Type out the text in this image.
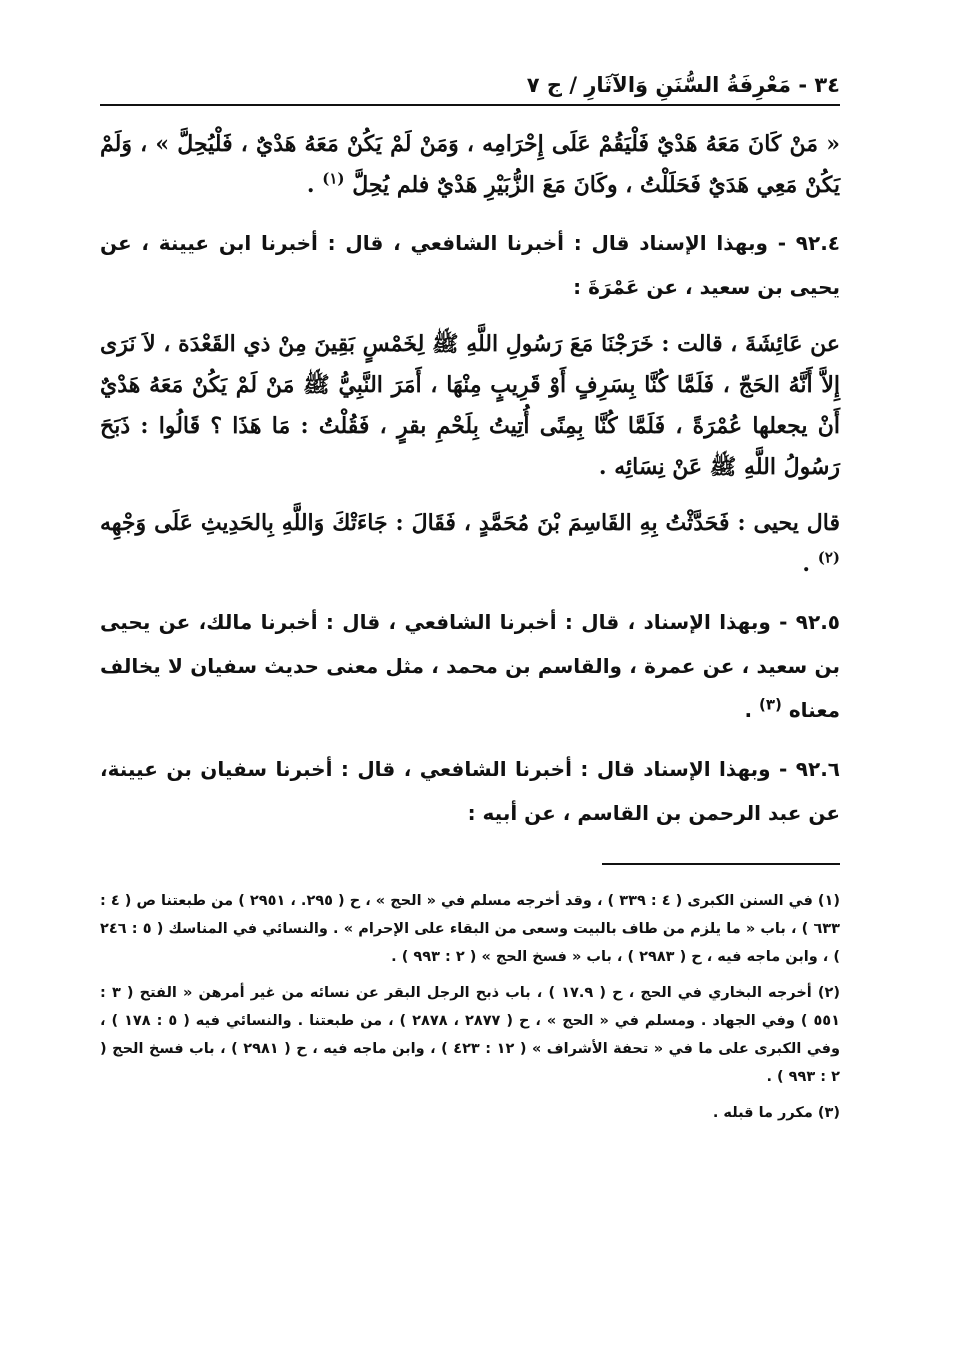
٣٤ - مَعْرِفَةُ السُّنَنِ وَالآثَارِ / ج ٧

« مَنْ كَانَ مَعَهُ هَدْيٌ فَلْيَقُمْ عَلَى إِحْرَامِه ، وَمَنْ لَمْ يَكُنْ مَعَهُ هَدْيٌ ، فَلْيُحِلَّ » ، وَلَمْ يَكُنْ مَعِي هَدَيٌ فَحَلَلْتُ ، وكَانَ مَعَ الزُّبَيْرِ هَدْيٌ فلم يُحِلَّ $^{(١)}$ .

٩٢.٤ - وبهذا الإسناد قال : أخبرنا الشافعي ، قال : أخبرنا ابن عيينة ، عن يحيى بن سعيد ، عن عَمْرَةَ :

عن عَائِشَةَ ، قالت : خَرَجْنَا مَعَ رَسُولِ اللَّهِ ﷺ لِخَمْسٍ بَقِينَ مِنْ ذي القَعْدَة ، لاَ نَرَى إِلاَّ أَنَّهُ الحَجّ ، فَلَمَّا كُنَّا بِسَرِفٍ أَوْ قَرِيبٍ مِنْهَا ، أَمَرَ النَّبِيُّ ﷺ مَنْ لَمْ يَكُنْ مَعَهُ هَدْيٌ أَنْ يجعلها عُمْرَةً ، فَلَمَّا كُنَّا بِمِنًى أُتِيتُ بِلَحْمِ بقرٍ ، فَقُلْتُ : مَا هَذَا ؟ قَالُوا : ذَبَحَ رَسُولُ اللَّهِ ﷺ عَنْ نِسَائِه .

قال يحيى : فَحَدَّثْتُ بِهِ القَاسِمَ بْنَ مُحَمَّدٍ ، فَقَالَ : جَاءَتْكَ وَاللَّهِ بِالحَدِيثِ عَلَى وَجْهِه $^{(٢)}$ .

٩٢.٥ - وبهذا الإسناد ، قال : أخبرنا الشافعي ، قال : أخبرنا مالك، عن يحيى بن سعيد ، عن عمرة ، والقاسم بن محمد ، مثل معنى حديث سفيان لا يخالف معناه $^{(٣)}$ .

٩٢.٦ - وبهذا الإسناد قال : أخبرنا الشافعي ، قال : أخبرنا سفيان بن عيينة، عن عبد الرحمن بن القاسم ، عن أبيه :

(١) في السنن الكبرى ( ٤ : ٣٣٩ ) ، وقد أخرجه مسلم في « الحج » ، ح ( ٢٩٥. ، ٢٩٥١ ) من طبعتنا ص ( ٤ : ٦٣٣ ) ، باب « ما يلزم من طاف بالبيت وسعى من البقاء على الإحرام » . والنسائي في المناسك ( ٥ : ٢٤٦ ) ، وابن ماجه فيه ، ح ( ٢٩٨٣ ) ، باب « فسخ الحج » ( ٢ : ٩٩٣ ) .

(٢) أخرجه البخاري في الحج ، ح ( ١٧.٩ ) ، باب ذبح الرجل البقر عن نسائه من غير أمرهن « الفتح ( ٣ : ٥٥١ ) وفي الجهاد . ومسلم في « الحج » ، ح ( ٢٨٧٧ ، ٢٨٧٨ ) ، من طبعتنا . والنسائي فيه ( ٥ : ١٧٨ ) ، وفي الكبرى على ما في « تحفة الأشراف » ( ١٢ : ٤٢٣ ) ، وابن ماجه فيه ، ح ( ٢٩٨١ ) ، باب فسخ الحج ( ٢ : ٩٩٣ ) .

(٣) مكرر ما قبله .
